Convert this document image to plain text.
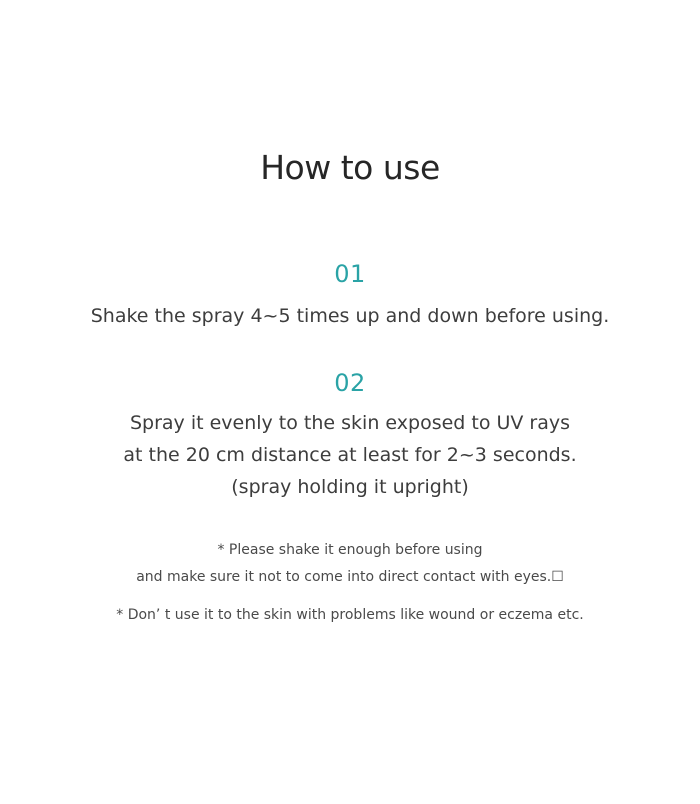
How to use
01
Shake the spray 4~5 times up and down before using.
02
Spray it evenly to the skin exposed to UV rays
at the 20 cm distance at least for 2~3 seconds.
(spray holding it upright)
* Please shake it enough before using
and make sure it not to come into direct contact with eyes.☐
* Don’ t use it to the skin with problems like wound or eczema etc.
